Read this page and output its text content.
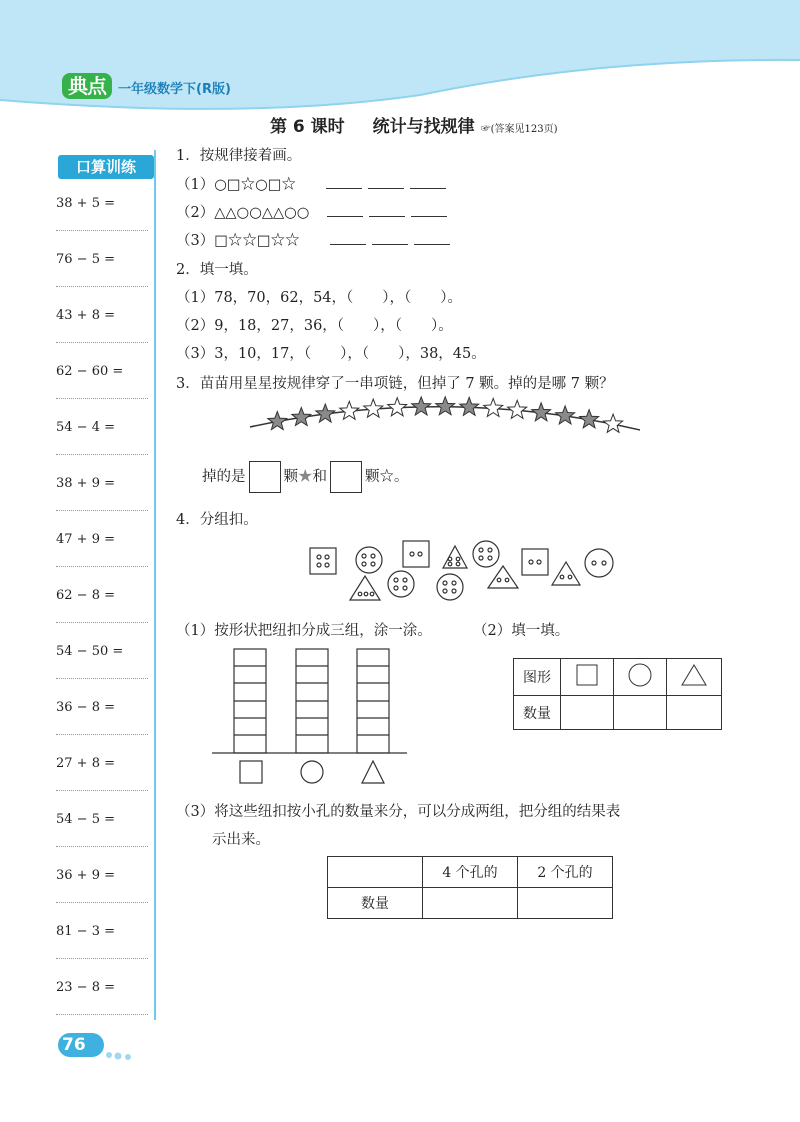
典点 一年级数学下(R版)
第 6 课时 统计与找规律 ☞(答案见123页)
口算训练
38 + 5 =
76 − 5 =
43 + 8 =
62 − 60 =
54 − 4 =
38 + 9 =
47 + 9 =
62 − 8 =
54 − 50 =
36 − 8 =
27 + 8 =
54 − 5 =
36 + 9 =
81 − 3 =
23 − 8 =
1．按规律接着画。
（1）○□☆○□☆
（2）△△○○△△○○
（3）□☆☆□☆☆
2．填一填。
（1）78，70，62，54，（　　），（　　）。
（2）9，18，27，36，（　　），（　　）。
（3）3，10，17，（　　），（　　），38，45。
3．苗苗用星星按规律穿了一串项链，但掉了 7 颗。掉的是哪 7 颗？
掉的是	颗★和	颗☆。
4．分组扣。
（1）按形状把纽扣分成三组，涂一涂。	（2）填一填。
图形			
数量			
（3）将这些纽扣按小孔的数量来分，可以分成两组，把分组的结果表
示出来。
	4 个孔的	2 个孔的
数量		
76
